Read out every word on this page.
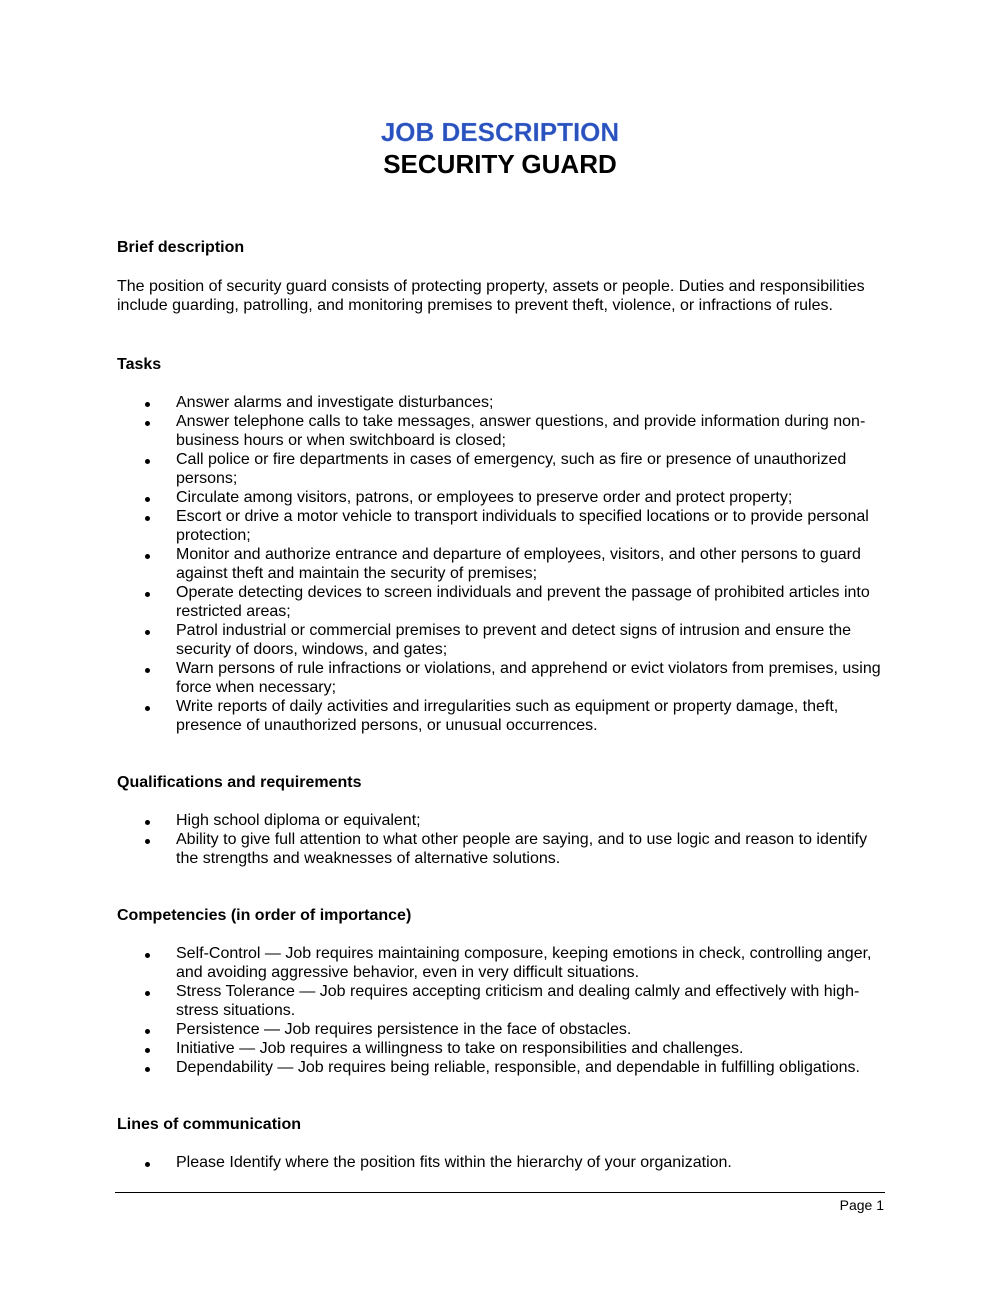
JOB DESCRIPTION
SECURITY GUARD
Brief description

The position of security guard consists of protecting property, assets or people. Duties and responsibilities include guarding, patrolling, and monitoring premises to prevent theft, violence, or infractions of rules.

Tasks
Answer alarms and investigate disturbances;
Answer telephone calls to take messages, answer questions, and provide information during non-business hours or when switchboard is closed;
Call police or fire departments in cases of emergency, such as fire or presence of unauthorized persons;
Circulate among visitors, patrons, or employees to preserve order and protect property;
Escort or drive a motor vehicle to transport individuals to specified locations or to provide personal protection;
Monitor and authorize entrance and departure of employees, visitors, and other persons to guard against theft and maintain the security of premises;
Operate detecting devices to screen individuals and prevent the passage of prohibited articles into restricted areas;
Patrol industrial or commercial premises to prevent and detect signs of intrusion and ensure the security of doors, windows, and gates;
Warn persons of rule infractions or violations, and apprehend or evict violators from premises, using force when necessary;
Write reports of daily activities and irregularities such as equipment or property damage, theft, presence of unauthorized persons, or unusual occurrences.
Qualifications and requirements
High school diploma or equivalent;
Ability to give full attention to what other people are saying, and to use logic and reason to identify the strengths and weaknesses of alternative solutions.
Competencies (in order of importance)
Self-Control — Job requires maintaining composure, keeping emotions in check, controlling anger, and avoiding aggressive behavior, even in very difficult situations.
Stress Tolerance — Job requires accepting criticism and dealing calmly and effectively with high-stress situations.
Persistence — Job requires persistence in the face of obstacles.
Initiative — Job requires a willingness to take on responsibilities and challenges.
Dependability — Job requires being reliable, responsible, and dependable in fulfilling obligations.
Lines of communication
Please Identify where the position fits within the hierarchy of your organization.
Page 1
